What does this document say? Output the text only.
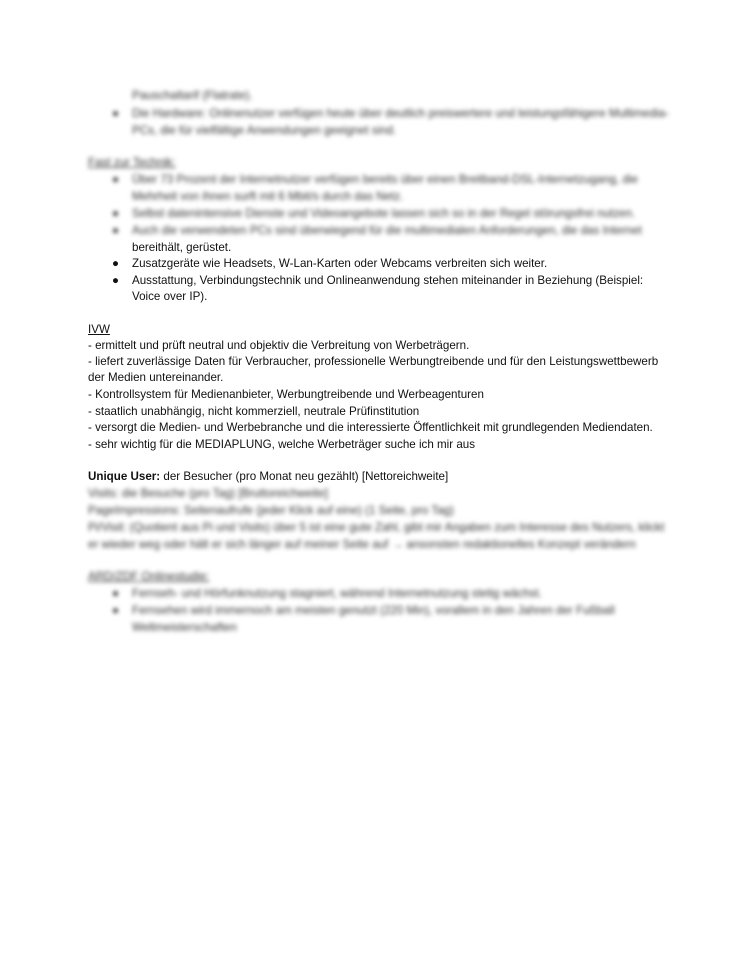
Pauschaltarif (Flatrate).
● Die Hardware: Onlinenutzer verfügen heute über deutlich preiswertere und leistungsfähigere Multimedia-
PCs, die für vielfältige Anwendungen geeignet sind.
Fast zur Technik:
● Über 73 Prozent der Internetnutzer verfügen bereits über einen Breitband-DSL-Internetzugang, die
Mehrheit von ihnen surft mit 6 Mbit/s durch das Netz.
● Selbst datenintensive Dienste und Videoangebote lassen sich so in der Regel störungsfrei nutzen.
● Auch die verwendeten PCs sind überwiegend für die multimedialen Anforderungen, die das Internet
bereithält, gerüstet.
● Zusatzgeräte wie Headsets, W-Lan-Karten oder Webcams verbreiten sich weiter.
● Ausstattung, Verbindungstechnik und Onlineanwendung stehen miteinander in Beziehung (Beispiel:
Voice over IP).
IVW
- ermittelt und prüft neutral und objektiv die Verbreitung von Werbeträgern.
- liefert zuverlässige Daten für Verbraucher, professionelle Werbungtreibende und für den Leistungswettbewerb
der Medien untereinander.
- Kontrollsystem für Medienanbieter, Werbungtreibende und Werbeagenturen
- staatlich unabhängig, nicht kommerziell, neutrale Prüfinstitution
- versorgt die Medien- und Werbebranche und die interessierte Öffentlichkeit mit grundlegenden Mediendaten.
- sehr wichtig für die MEDIAPLUNG, welche Werbeträger suche ich mir aus
Unique User: der Besucher (pro Monat neu gezählt) [Nettoreichweite]
Visits: die Besuche (pro Tag) [Bruttoreichweite]
PageImpressions: Seitenaufrufe (jeder Klick auf eine) (1 Seite, pro Tag)
Pi/Visit: (Quotient aus Pi und Visits) über 5 ist eine gute Zahl, gibt mir Angaben zum Interesse des Nutzers, klickt
er wieder weg oder hält er sich länger auf meiner Seite auf → ansonsten redaktionelles Konzept verändern
ARD/ZDF Onlinestudie:
● Fernseh- und Hörfunknutzung stagniert, während Internetnutzung stetig wächst.
● Fernsehen wird immernoch am meisten genutzt (220 Min), vorallem in den Jahren der Fußball
Weltmeisterschaften
